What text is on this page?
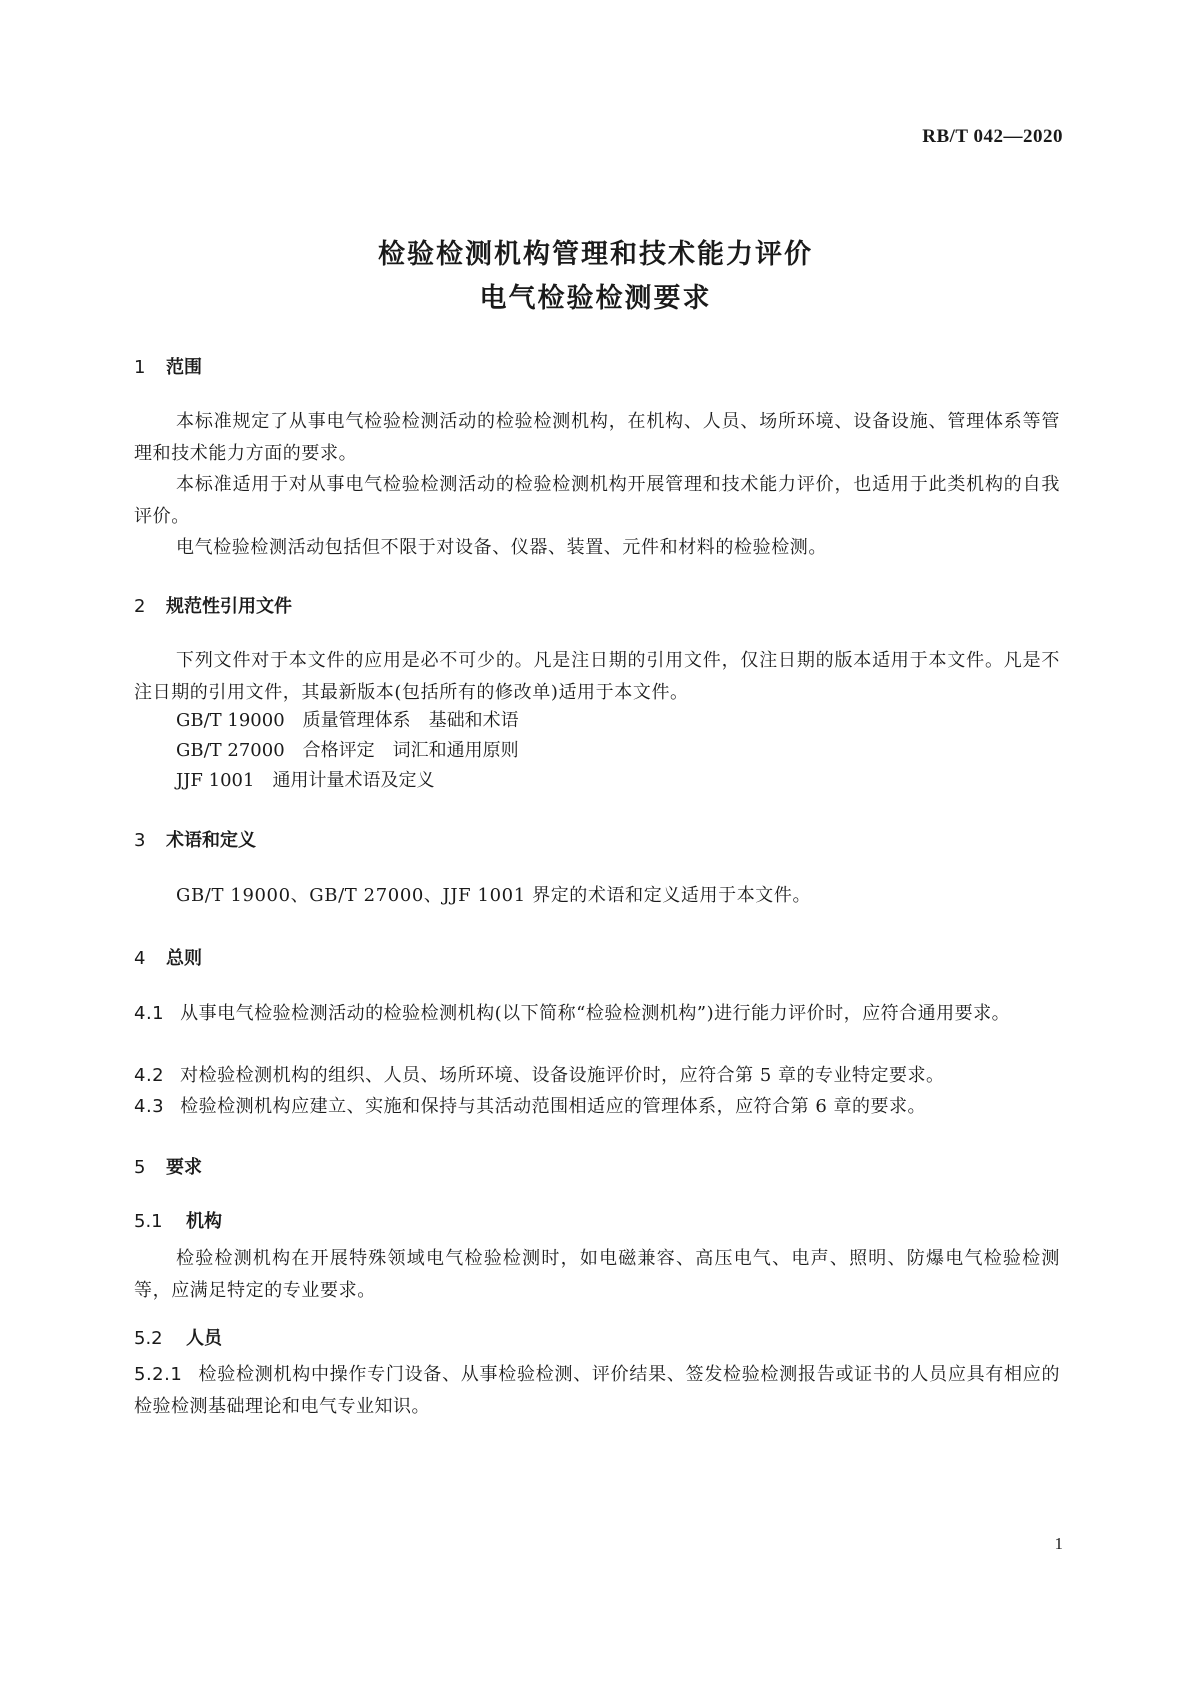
RB/T 042—2020
检验检测机构管理和技术能力评价
电气检验检测要求
1 范围
本标准规定了从事电气检验检测活动的检验检测机构，在机构、人员、场所环境、设备设施、管理体系等管理和技术能力方面的要求。
本标准适用于对从事电气检验检测活动的检验检测机构开展管理和技术能力评价，也适用于此类机构的自我评价。
电气检验检测活动包括但不限于对设备、仪器、装置、元件和材料的检验检测。
2 规范性引用文件
下列文件对于本文件的应用是必不可少的。凡是注日期的引用文件，仅注日期的版本适用于本文件。凡是不注日期的引用文件，其最新版本(包括所有的修改单)适用于本文件。
GB/T 19000　质量管理体系　基础和术语
GB/T 27000　合格评定　词汇和通用原则
JJF 1001　通用计量术语及定义
3 术语和定义
GB/T 19000、GB/T 27000、JJF 1001 界定的术语和定义适用于本文件。
4 总则
4.1 从事电气检验检测活动的检验检测机构(以下简称“检验检测机构”)进行能力评价时，应符合通用要求。
4.2 对检验检测机构的组织、人员、场所环境、设备设施评价时，应符合第 5 章的专业特定要求。
4.3 检验检测机构应建立、实施和保持与其活动范围相适应的管理体系，应符合第 6 章的要求。
5 要求
5.1 机构
检验检测机构在开展特殊领域电气检验检测时，如电磁兼容、高压电气、电声、照明、防爆电气检验检测等，应满足特定的专业要求。
5.2 人员
5.2.1 检验检测机构中操作专门设备、从事检验检测、评价结果、签发检验检测报告或证书的人员应具有相应的检验检测基础理论和电气专业知识。
1
